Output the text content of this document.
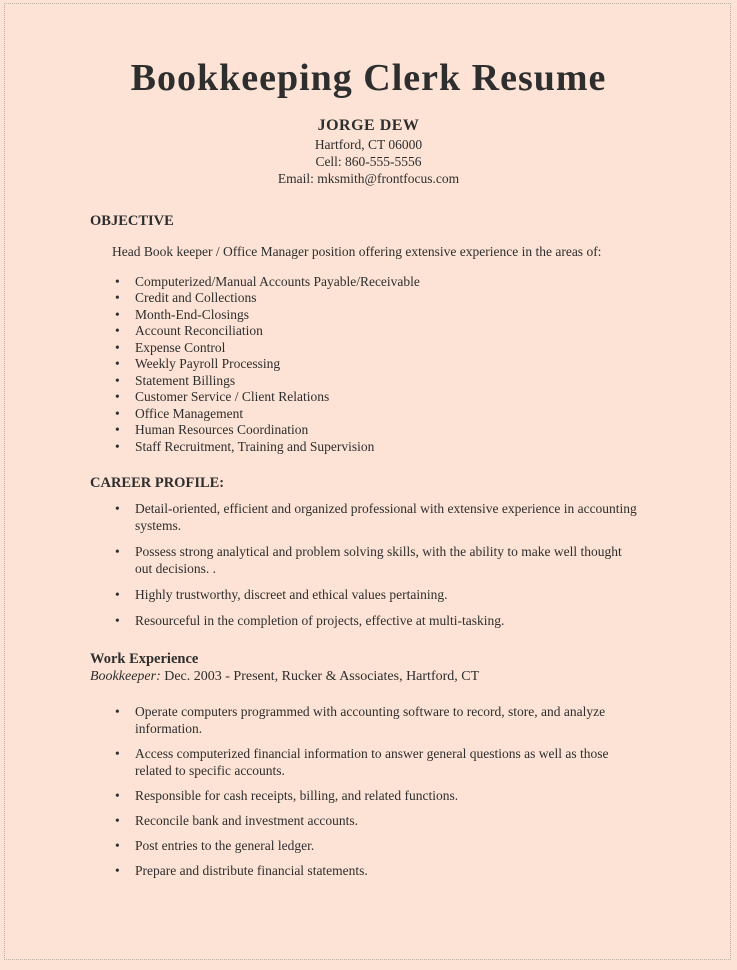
Bookkeeping Clerk Resume
JORGE DEW
Hartford, CT 06000
Cell: 860-555-5556
Email: mksmith@frontfocus.com
OBJECTIVE

Head Book keeper / Office Manager position offering extensive experience in the areas of:

• Computerized/Manual Accounts Payable/Receivable
• Credit and Collections
• Month-End-Closings
• Account Reconciliation
• Expense Control
• Weekly Payroll Processing
• Statement Billings
• Customer Service / Client Relations
• Office Management
• Human Resources Coordination
• Staff Recruitment, Training and Supervision
CAREER PROFILE:
• Detail-oriented, efficient and organized professional with extensive experience in accounting systems.
• Possess strong analytical and problem solving skills, with the ability to make well thought out decisions. .
• Highly trustworthy, discreet and ethical values pertaining.
• Resourceful in the completion of projects, effective at multi-tasking.
Work Experience

Bookkeeper: Dec. 2003 - Present, Rucker & Associates, Hartford, CT

• Operate computers programmed with accounting software to record, store, and analyze information.
• Access computerized financial information to answer general questions as well as those related to specific accounts.
• Responsible for cash receipts, billing, and related functions.
• Reconcile bank and investment accounts.
• Post entries to the general ledger.
• Prepare and distribute financial statements.
